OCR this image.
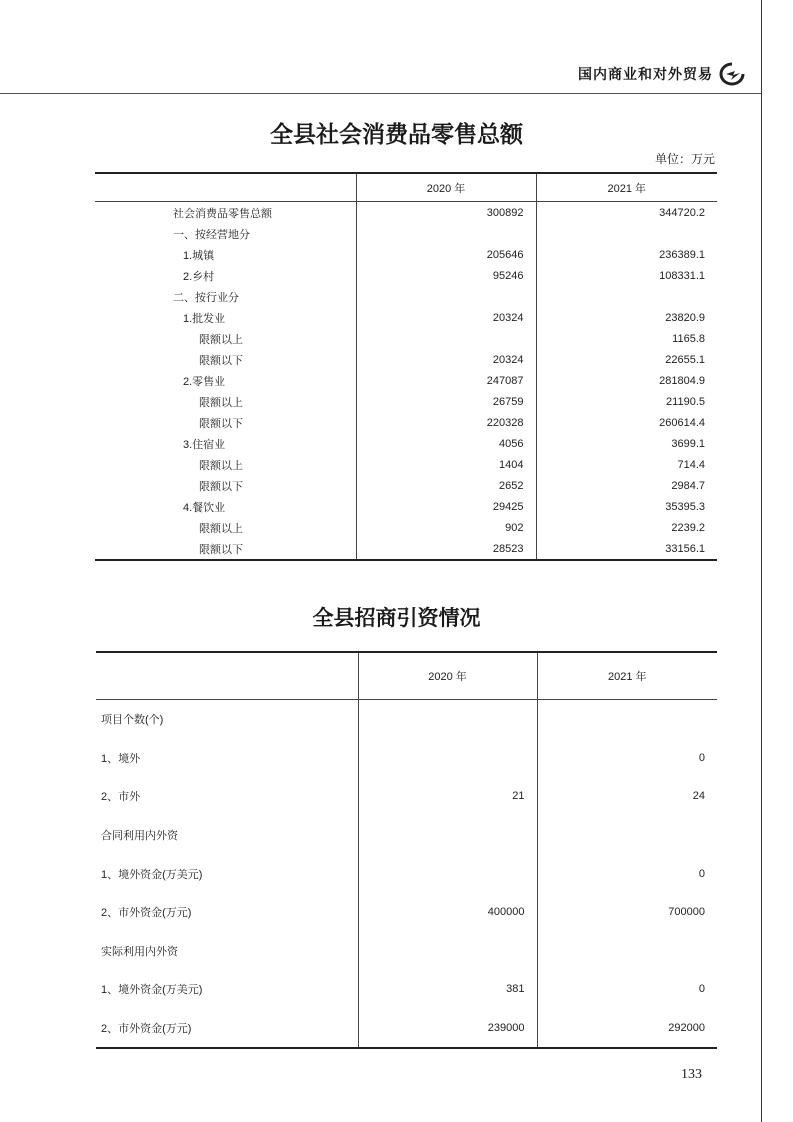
国内商业和对外贸易
全县社会消费品零售总额
单位：万元
	2020 年	2021 年
社会消费品零售总额	300892	344720.2
一、按经营地分		
1.城镇	205646	236389.1
2.乡村	95246	108331.1
二、按行业分		
1.批发业	20324	23820.9
限额以上		1165.8
限额以下	20324	22655.1
2.零售业	247087	281804.9
限额以上	26759	21190.5
限额以下	220328	260614.4
3.住宿业	4056	3699.1
限额以上	1404	714.4
限额以下	2652	2984.7
4.餐饮业	29425	35395.3
限额以上	902	2239.2
限额以下	28523	33156.1
全县招商引资情况
	2020 年	2021 年
项目个数(个)		
1、境外		0
2、市外	21	24
合同利用内外资		
1、境外资金(万美元)		0
2、市外资金(万元)	400000	700000
实际利用内外资		
1、境外资金(万美元)	381	0
2、市外资金(万元)	239000	292000
133
